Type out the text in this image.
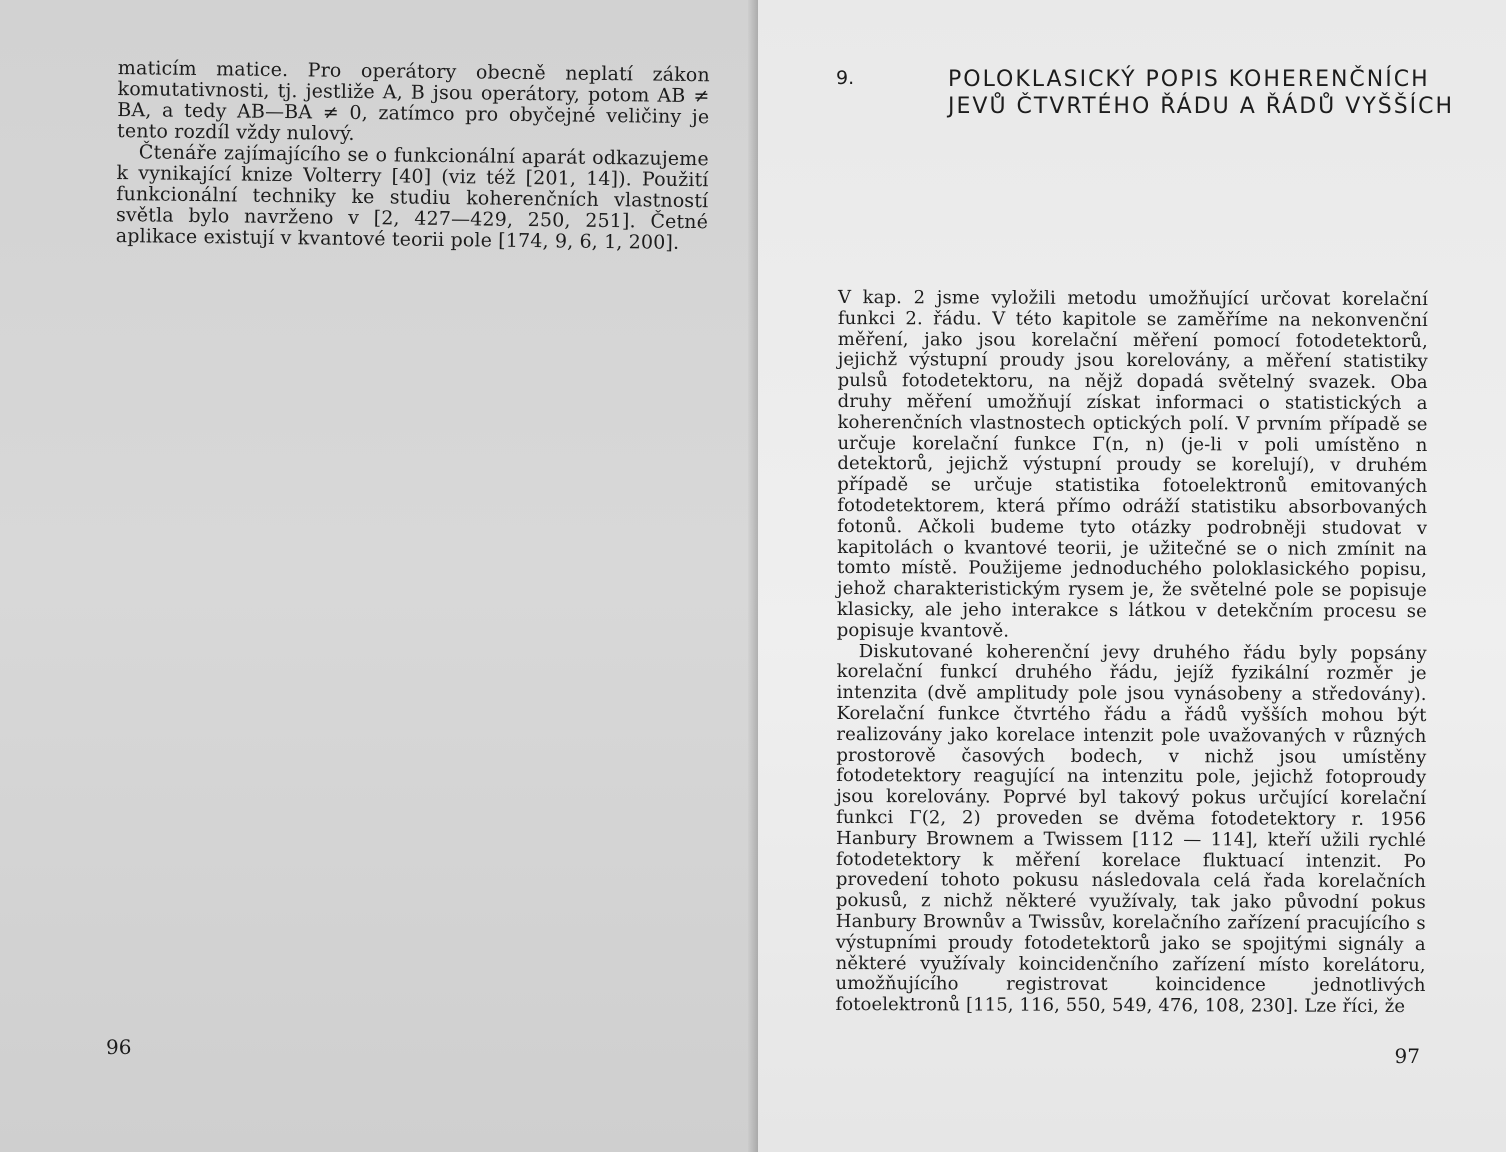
maticím matice. Pro operátory obecně neplatí zákon komutativnosti, tj. jestliže A, B jsou operátory, potom AB ≠ BA, a tedy AB—BA ≠ 0, zatímco pro obyčejné veličiny je tento rozdíl vždy nulový.

Čtenáře zajímajícího se o funkcionální aparát odkazujeme k vynikající knize Volterry [40] (viz též [201, 14]). Použití funkcionální techniky ke studiu koherenčních vlastností světla bylo navrženo v [2, 427—429, 250, 251]. Četné aplikace existují v kvantové teorii pole [174, 9, 6, 1, 200].

96
9.	POLOKLASICKÝ POPIS KOHERENČNÍCH
JEVŮ ČTVRTÉHO ŘÁDU A ŘÁDŮ VYŠŠÍCH

V kap. 2 jsme vyložili metodu umožňující určovat korelační funkci 2. řádu. V této kapitole se zaměříme na nekonvenční měření, jako jsou korelační měření pomocí fotodetektorů, jejichž výstupní proudy jsou korelovány, a měření statistiky pulsů fotodetektoru, na nějž dopadá světelný svazek. Oba druhy měření umožňují získat informaci o statistických a koherenčních vlastnostech optických polí. V prvním případě se určuje korelační funkce Γ(n, n) (je-li v poli umístěno n detektorů, jejichž výstupní proudy se korelují), v druhém případě se určuje statistika fotoelektronů emitovaných fotodetektorem, která přímo odráží statistiku absorbovaných fotonů. Ačkoli budeme tyto otázky podrobněji studovat v kapitolách o kvantové teorii, je užitečné se o nich zmínit na tomto místě. Použijeme jednoduchého poloklasického popisu, jehož charakteristickým rysem je, že světelné pole se popisuje klasicky, ale jeho interakce s látkou v detekčním procesu se popisuje kvantově.

Diskutované koherenční jevy druhého řádu byly popsány korelační funkcí druhého řádu, jejíž fyzikální rozměr je intenzita (dvě amplitudy pole jsou vynásobeny a středovány). Korelační funkce čtvrtého řádu a řádů vyšších mohou být realizovány jako korelace intenzit pole uvažovaných v různých prostorově časových bodech, v nichž jsou umístěny fotodetektory reagující na intenzitu pole, jejichž fotoproudy jsou korelovány. Poprvé byl takový pokus určující korelační funkci Γ(2, 2) proveden se dvěma fotodetektory r. 1956 Hanbury Brownem a Twissem [112 — 114], kteří užili rychlé fotodetektory k měření korelace fluktuací intenzit. Po provedení tohoto pokusu následovala celá řada korelačních pokusů, z nichž některé využívaly, tak jako původní pokus Hanbury Brownův a Twissův, korelačního zařízení pracujícího s výstupními proudy fotodetektorů jako se spojitými signály a některé využívaly koincidenčního zařízení místo korelátoru, umožňujícího registrovat koincidence jednotlivých fotoelektronů [115, 116, 550, 549, 476, 108, 230]. Lze říci, že

97
